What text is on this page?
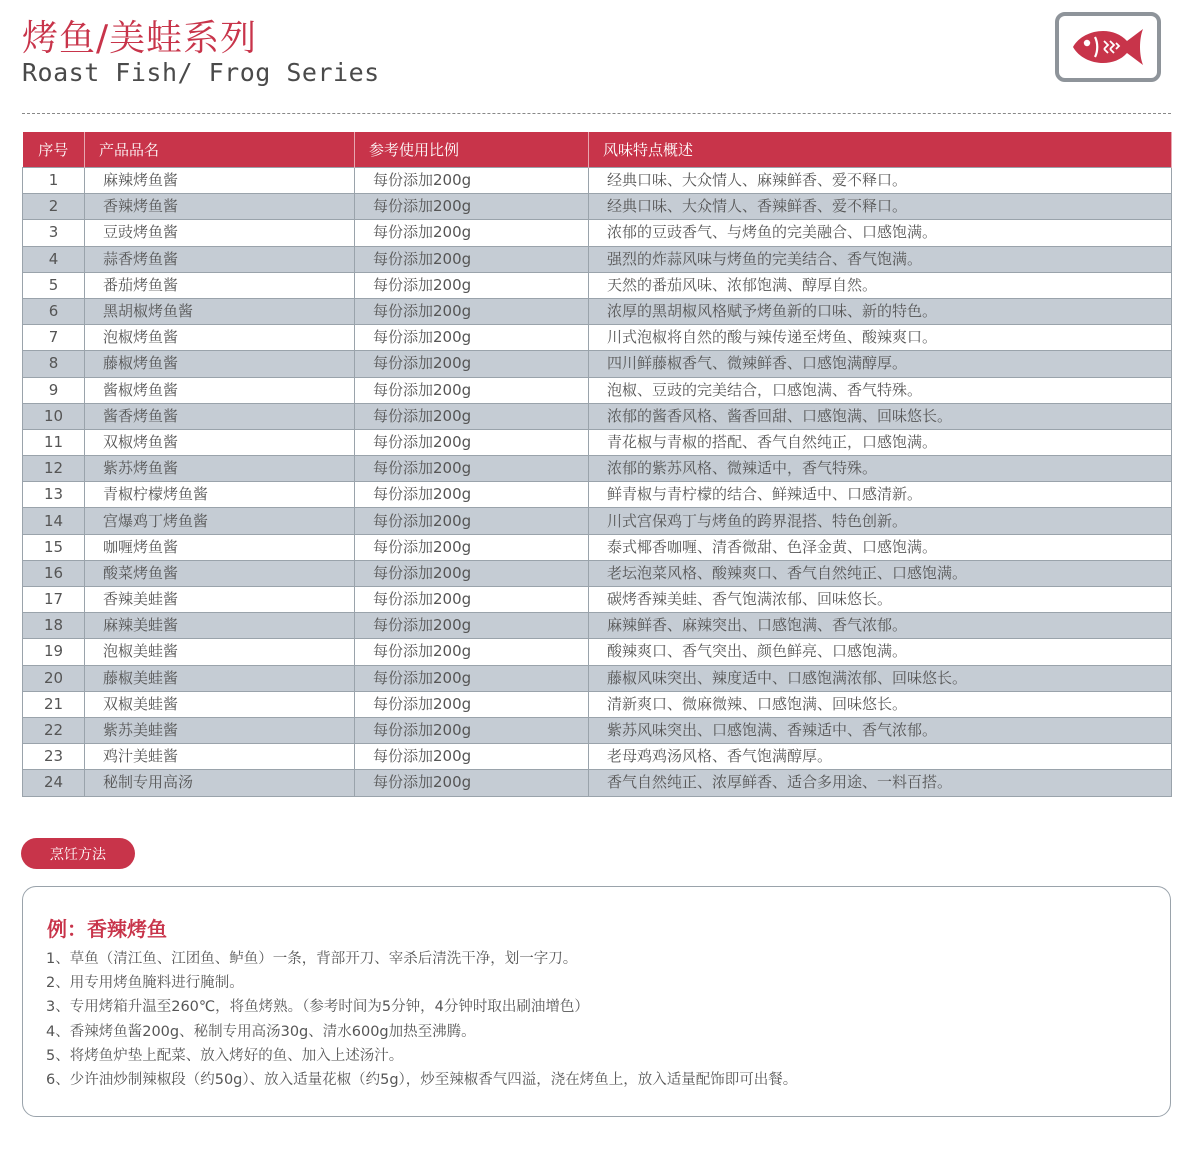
烤鱼/美蛙系列
Roast Fish/ Frog Series
序号	产品品名	参考使用比例	风味特点概述
1	麻辣烤鱼酱	每份添加200g	经典口味、大众情人、麻辣鲜香、爱不释口。
2	香辣烤鱼酱	每份添加200g	经典口味、大众情人、香辣鲜香、爱不释口。
3	豆豉烤鱼酱	每份添加200g	浓郁的豆豉香气、与烤鱼的完美融合、口感饱满。
4	蒜香烤鱼酱	每份添加200g	强烈的炸蒜风味与烤鱼的完美结合、香气饱满。
5	番茄烤鱼酱	每份添加200g	天然的番茄风味、浓郁饱满、醇厚自然。
6	黑胡椒烤鱼酱	每份添加200g	浓厚的黑胡椒风格赋予烤鱼新的口味、新的特色。
7	泡椒烤鱼酱	每份添加200g	川式泡椒将自然的酸与辣传递至烤鱼、酸辣爽口。
8	藤椒烤鱼酱	每份添加200g	四川鲜藤椒香气、微辣鲜香、口感饱满醇厚。
9	酱椒烤鱼酱	每份添加200g	泡椒、豆豉的完美结合，口感饱满、香气特殊。
10	酱香烤鱼酱	每份添加200g	浓郁的酱香风格、酱香回甜、口感饱满、回味悠长。
11	双椒烤鱼酱	每份添加200g	青花椒与青椒的搭配、香气自然纯正，口感饱满。
12	紫苏烤鱼酱	每份添加200g	浓郁的紫苏风格、微辣适中，香气特殊。
13	青椒柠檬烤鱼酱	每份添加200g	鲜青椒与青柠檬的结合、鲜辣适中、口感清新。
14	宫爆鸡丁烤鱼酱	每份添加200g	川式宫保鸡丁与烤鱼的跨界混搭、特色创新。
15	咖喱烤鱼酱	每份添加200g	泰式椰香咖喱、清香微甜、色泽金黄、口感饱满。
16	酸菜烤鱼酱	每份添加200g	老坛泡菜风格、酸辣爽口、香气自然纯正、口感饱满。
17	香辣美蛙酱	每份添加200g	碳烤香辣美蛙、香气饱满浓郁、回味悠长。
18	麻辣美蛙酱	每份添加200g	麻辣鲜香、麻辣突出、口感饱满、香气浓郁。
19	泡椒美蛙酱	每份添加200g	酸辣爽口、香气突出、颜色鲜亮、口感饱满。
20	藤椒美蛙酱	每份添加200g	藤椒风味突出、辣度适中、口感饱满浓郁、回味悠长。
21	双椒美蛙酱	每份添加200g	清新爽口、微麻微辣、口感饱满、回味悠长。
22	紫苏美蛙酱	每份添加200g	紫苏风味突出、口感饱满、香辣适中、香气浓郁。
23	鸡汁美蛙酱	每份添加200g	老母鸡鸡汤风格、香气饱满醇厚。
24	秘制专用高汤	每份添加200g	香气自然纯正、浓厚鲜香、适合多用途、一料百搭。
烹饪方法
例：香辣烤鱼
1、草鱼（清江鱼、江团鱼、鲈鱼）一条，背部开刀、宰杀后清洗干净，划一字刀。
2、用专用烤鱼腌料进行腌制。
3、专用烤箱升温至260℃，将鱼烤熟。（参考时间为5分钟，4分钟时取出刷油增色）
4、香辣烤鱼酱200g、秘制专用高汤30g、清水600g加热至沸腾。
5、将烤鱼炉垫上配菜、放入烤好的鱼、加入上述汤汁。
6、少许油炒制辣椒段（约50g）、放入适量花椒（约5g），炒至辣椒香气四溢，浇在烤鱼上，放入适量配饰即可出餐。
